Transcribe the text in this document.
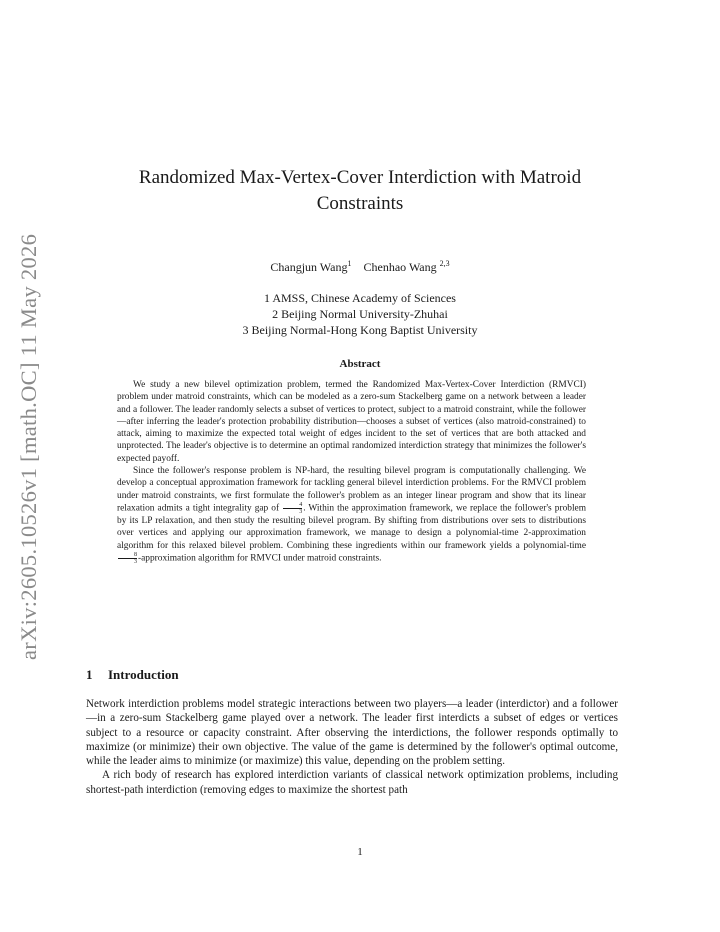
arXiv:2605.10526v1 [math.OC] 11 May 2026
Randomized Max-Vertex-Cover Interdiction with Matroid
Constraints
Changjun Wang$^1$ Chenhao Wang $^{2,3}$
1 AMSS, Chinese Academy of Sciences
2 Beijing Normal University-Zhuhai
3 Beijing Normal-Hong Kong Baptist University
Abstract

We study a new bilevel optimization problem, termed the Randomized Max-Vertex-Cover Interdiction (RMVCI) problem under matroid constraints, which can be modeled as a zero-sum Stackelberg game on a network between a leader and a follower. The leader randomly selects a subset of vertices to protect, subject to a matroid constraint, while the follower—after inferring the leader's protection probability distribution—chooses a subset of vertices (also matroid-constrained) to attack, aiming to maximize the expected total weight of edges incident to the set of vertices that are both attacked and unprotected. The leader's objective is to determine an optimal randomized interdiction strategy that minimizes the follower's expected payoff.

Since the follower's response problem is NP-hard, the resulting bilevel program is computationally challenging. We develop a conceptual approximation framework for tackling general bilevel interdiction problems. For the RMVCI problem under matroid constraints, we first formulate the follower's problem as an integer linear program and show that its linear relaxation admits a tight integrality gap of $\frac{4}{3}$ . Within the approximation framework, we replace the follower's problem by its LP relaxation, and then study the resulting bilevel program. By shifting from distributions over sets to distributions over vertices and applying our approximation framework, we manage to design a polynomial-time 2-approximation algorithm for this relaxed bilevel problem. Combining these ingredients within our framework yields a polynomial-time
$\frac{8}{3}$ -approximation algorithm for RMVCI under matroid constraints.

1 Introduction

Network interdiction problems model strategic interactions between two players—a leader (interdictor) and a follower—in a zero-sum Stackelberg game played over a network. The leader first interdicts a subset of edges or vertices subject to a resource or capacity constraint. After observing the interdictions, the follower responds optimally to maximize (or minimize) their own objective. The value of the game is determined by the follower's optimal outcome, while the leader aims to minimize (or maximize) this value, depending on the problem setting.

A rich body of research has explored interdiction variants of classical network optimization problems, including shortest-path interdiction (removing edges to maximize the shortest path

1
